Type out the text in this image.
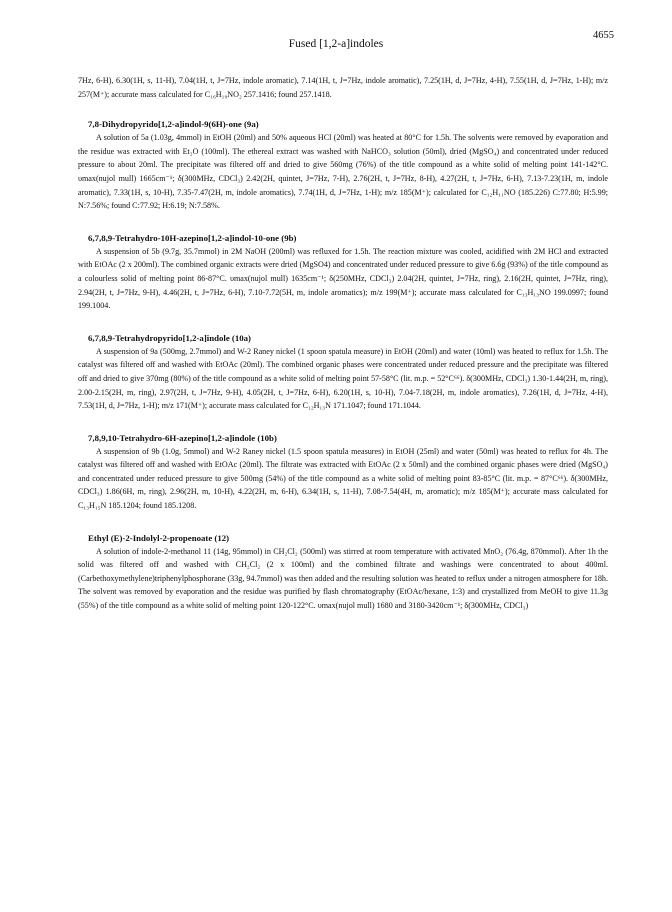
Fused [1,2-a]indoles
4655

7Hz, 6-H), 6.30(1H, s, 11-H), 7.04(1H, t, J=7Hz, indole aromatic), 7.14(1H, t, J=7Hz, indole aromatic), 7.25(1H, d, J=7Hz, 4-H), 7.55(1H, d, J=7Hz, 1-H); m/z 257(M⁺); accurate mass calculated for C₁₆H₁₉NO₂ 257.1416; found 257.1418.

7,8-Dihydropyrido[1,2-a]indol-9(6H)-one (9a)

A solution of 5a (1.03g, 4mmol) in EtOH (20ml) and 50% aqueous HCl (20ml) was heated at 80°C for 1.5h. The solvents were removed by evaporation and the residue was extracted with Et₂O (100ml). The ethereal extract was washed with NaHCO₃ solution (50ml), dried (MgSO₄) and concentrated under reduced pressure to about 20ml. The precipitate was filtered off and dried to give 560mg (76%) of the title compound as a white solid of melting point 141-142°C. υmax(nujol mull) 1665cm⁻¹; δ(300MHz, CDCl₃) 2.42(2H, quintet, J=7Hz, 7-H), 2.76(2H, t, J=7Hz, 8-H), 4.27(2H, t, J=7Hz, 6-H), 7.13-7.23(1H, m, indole aromatic), 7.33(1H, s, 10-H), 7.35-7.47(2H, m, indole aromatics), 7.74(1H, d, J=7Hz, 1-H); m/z 185(M⁺); calculated for C₁₂H₁₁NO (185.226) C:77.80; H:5.99; N:7.56%; found C:77.92; H:6.19; N:7.58%.

6,7,8,9-Tetrahydro-10H-azepino[1,2-a]indol-10-one (9b)

A suspension of 5b (9.7g, 35.7mmol) in 2M NaOH (200ml) was refluxed for 1.5h. The reaction mixture was cooled, acidified with 2M HCl and extracted with EtOAc (2 x 200ml). The combined organic extracts were dried (MgSO4) and concentrated under reduced pressure to give 6.6g (93%) of the title compound as a colourless solid of melting point 86-87°C. υmax(nujol mull) 1635cm⁻¹; δ(250MHz, CDCl₃) 2.04(2H, quintet, J=7Hz, ring), 2.16(2H, quintet, J=7Hz, ring), 2.94(2H, t, J=7Hz, 9-H), 4.46(2H, t, J=7Hz, 6-H), 7.10-7.72(5H, m, indole aromatics); m/z 199(M⁺); accurate mass calculated for C₁₃H₁₃NO 199.0997; found 199.1004.

6,7,8,9-Tetrahydropyrido[1,2-a]indole (10a)

A suspension of 9a (500mg, 2.7mmol) and W-2 Raney nickel (1 spoon spatula measure) in EtOH (20ml) and water (10ml) was heated to reflux for 1.5h. The catalyst was filtered off and washed with EtOAc (20ml). The combined organic phases were concentrated under reduced pressure and the precipitate was filtered off and dried to give 370mg (80%) of the title compound as a white solid of melting point 57-58°C (lit. m.p. = 52°C⁶⁶). δ(300MHz, CDCl₃) 1.30-1.44(2H, m, ring), 2.00-2.15(2H, m, ring), 2.97(2H, t, J=7Hz, 9-H), 4.05(2H, t, J=7Hz, 6-H), 6.20(1H, s, 10-H), 7.04-7.18(2H, m, indole aromatics), 7.26(1H, d, J=7Hz, 4-H), 7.53(1H, d, J=7Hz, 1-H); m/z 171(M⁺); accurate mass calculated for C₁₂H₁₃N 171.1047; found 171.1044.

7,8,9,10-Tetrahydro-6H-azepino[1,2-a]indole (10b)

A suspension of 9b (1.0g, 5mmol) and W-2 Raney nickel (1.5 spoon spatula measures) in EtOH (25ml) and water (50ml) was heated to reflux for 4h. The catalyst was filtered off and washed with EtOAc (20ml). The filtrate was extracted with EtOAc (2 x 50ml) and the combined organic phases were dried (MgSO₄) and concentrated under reduced pressure to give 500mg (54%) of the title compound as a white solid of melting point 83-85°C (lit. m.p. = 87°C⁶⁶). δ(300MHz, CDCl₃) 1.86(6H, m, ring), 2.96(2H, m, 10-H), 4.22(2H, m, 6-H), 6.34(1H, s, 11-H), 7.08-7.54(4H, m, aromatic); m/z 185(M⁺); accurate mass calculated for C₁₃H₁₅N 185.1204; found 185.1208.

Ethyl (E)-2-Indolyl-2-propenoate (12)

A solution of indole-2-methanol 11 (14g, 95mmol) in CH₂Cl₂ (500ml) was stirred at room temperature with activated MnO₂ (76.4g, 870mmol). After 1h the solid was filtered off and washed with CH₂Cl₂ (2 x 100ml) and the combined filtrate and washings were concentrated to about 400ml. (Carbethoxymethylene)triphenylphosphorane (33g, 94.7mmol) was then added and the resulting solution was heated to reflux under a nitrogen atmosphere for 18h. The solvent was removed by evaporation and the residue was purified by flash chromatography (EtOAc/hexane, 1:3) and crystallized from MeOH to give 11.3g (55%) of the title compound as a white solid of melting point 120-122°C. υmax(nujol mull) 1680 and 3180-3420cm⁻¹; δ(300MHz, CDCl₃)
